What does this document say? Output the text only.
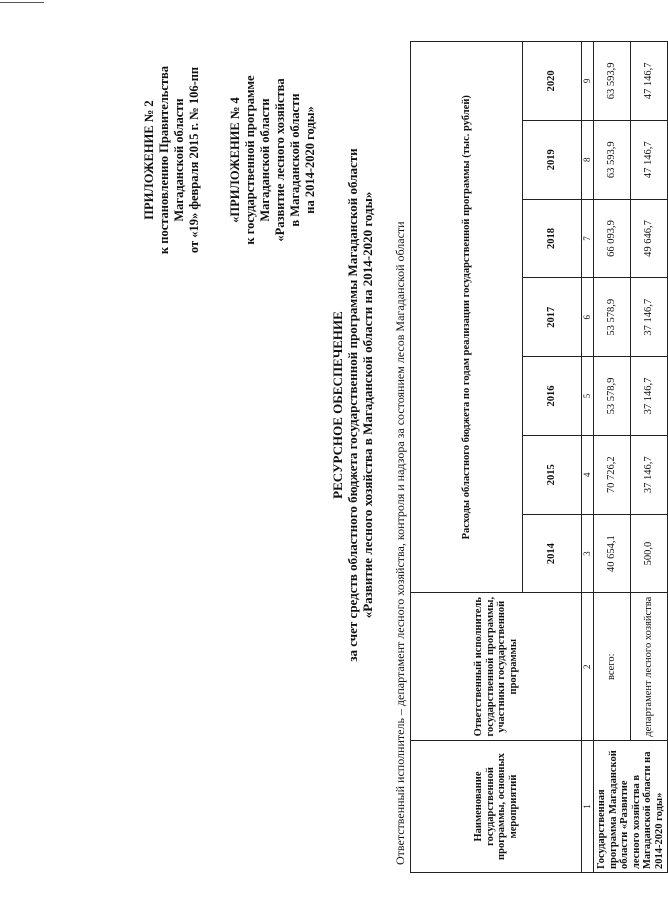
ПРИЛОЖЕНИЕ № 2 к постановлению Правительства Магаданской области от «19» февраля 2015 г. № 106-пп «ПРИЛОЖЕНИЕ № 4 к государственной программе Магаданской области «Развитие лесного хозяйства в Магаданской области на 2014-2020 годы»
РЕСУРСНОЕ ОБЕСПЕЧЕНИЕ за счет средств областного бюджета государственной программы Магаданской области «Развитие лесного хозяйства в Магаданской области на 2014-2020 годы» Ответственный исполнитель – департамент лесного хозяйства, контроля и надзора за состоянием лесов Магаданской области	Наименование государственной программы, основных мероприятий	Ответственный исполнитель государственной программы, участники государственной программы	Расходы областного бюджета по годам реализации государственной программы (тыс. рублей)						
		2014	2015	2016	2017	2018	2019	2020
1	2	3	4	5	6	7	8	9
Государственная программа Магаданской области «Развитие лесного хозяйства в Магаданской области на 2014-2020 годы»	всего:	40 654,1	70 726,2	53 578,9	53 578,9	66 093,9	63 593,9	63 593,9
	департамент лесного хозяйства	500,0	37 146,7	37 146,7	37 146,7	49 646,7	47 146,7	47 146,7
